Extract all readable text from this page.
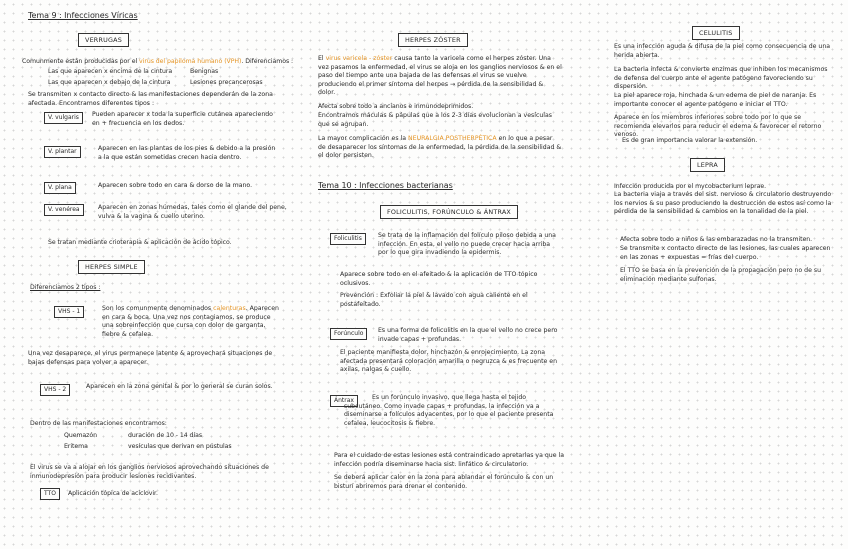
Tema 9 : Infecciones Víricas
VERRUGAS
Comunmente están producidas por el virus del papiloma humano (VPH). Diferenciamos :
Las que aparecen x encima de la cintura	Benignas
Las que aparecen x debajo de la cintura	Lesiones precancerosas
Se transmiten x contacto directo & las manifestaciones dependerán de la zona afectada. Encontramos diferentes tipos :
V. vulgaris	Pueden aparecer x toda la superficie cutánea apareciendo en + frecuencia en los dedos.
V. plantar	Aparecen en las plantas de los pies & debido a la presión a la que están sometidas crecen hacia dentro.
V. plana	Aparecen sobre todo en cara & dorso de la mano.
V. venérea	Aparecen en zonas húmedas, tales como el glande del pene, vulva & la vagina & cuello uterino.
Se tratan mediante crioterapia & aplicación de ácido tópico.
HERPES SIMPLE
Diferenciamos 2 tipos :
VHS - 1	Son los comunmente denominados calenturas. Aparecen en cara & boca. Una vez nos contagiamos, se produce una sobreinfección que cursa con dolor de garganta, fiebre & cefalea.
Una vez desaparece, el virus permanece latente & aprovechará situaciones de bajas defensas para volver a aparecer.
VHS - 2	Aparecen en la zona genital & por lo general se curan solos.
Dentro de las manifestaciones encontramos:
Quemazón	duración de 10 - 14 días
Eritema	vesículas que derivan en pústulas
El virus se va a alojar en los ganglios nerviosos aprovechando situaciones de inmunodepresión para producir lesiones recidivantes.
TTO	Aplicación tópica de aciclovir.
HERPES ZÓSTER
El virus varicela - zóster causa tanto la varicela como el herpes zóster. Una vez pasamos la enfermedad, el virus se aloja en los ganglios nerviosos & en el paso del tiempo ante una bajada de las defensas el virus se vuelve produciendo el primer síntoma del herpes → pérdida de la sensibilidad & dolor.
Afecta sobre todo a ancianos e inmunodeprimidos.
Encontramos máculas & pápulas que a los 2-3 días evolucionan a vesículas que se agrupan.
La mayor complicación es la NEURALGIA POSTHERPÉTICA en lo que a pesar de desaparecer los síntomas de la enfermedad, la pérdida de la sensibilidad & el dolor persisten.
Tema 10 : Infecciones bacterianas
FOLICULITIS, FORÚNCULO & ÁNTRAX
Foliculitis	Se trata de la inflamación del folículo piloso debida a una infección. En esta, el vello no puede crecer hacia arriba por lo que gira invadiendo la epidermis.
Aparece sobre todo en el afeitado & la aplicación de TTO tópico oclusivos.
Prevención : Exfoliar la piel & lavado con agua caliente en el postafeitado.
Forúnculo	Es una forma de foliculitis en la que el vello no crece pero invade capas + profundas.
El paciente manifiesta dolor, hinchazón & enrojecimiento. La zona afectada presentará coloración amarilla o negruzca & es frecuente en axilas, nalgas & cuello.
Ántrax	Es un forúnculo invasivo, que llega hasta el tejido subcutáneo. Como invade capas + profundas, la infección va a diseminarse a folículos adyacentes, por lo que el paciente presenta cefalea, leucocitosis & fiebre.
Para el cuidado de estas lesiones está contraindicado apretarlas ya que la infección podría diseminarse hacia sist. linfático & circulatorio.
Se deberá aplicar calor en la zona para ablandar el forúnculo & con un bisturí abriremos para drenar el contenido.
CELULITIS
Es una infección aguda & difusa de la piel como consecuencia de una herida abierta.
La bacteria infecta & convierte enzimas que inhiben los mecanismos de defensa del cuerpo ante el agente patógeno favoreciendo su dispersión.
La piel aparece roja, hinchada & un edema de piel de naranja. Es importante conocer el agente patógeno e iniciar el TTO.
Aparece en los miembros inferiores sobre todo por lo que se recomienda elevarlos para reducir el edema & favorecer el retorno venoso.
Es de gran importancia valorar la extensión.
LEPRA
Infección producida por el mycobacterium leprae.
La bacteria viaja a través del sist. nervioso & circulatorio destruyendo los nervios & su paso produciendo la destrucción de estos así como la pérdida de la sensibilidad & cambios en la tonalidad de la piel.
Afecta sobre todo a niños & las embarazadas no la transmiten.
Se transmite x contacto directo de las lesiones, las cuales aparecen en las zonas + expuestas = frías del cuerpo.
El TTO se basa en la prevención de la propagación pero no de su eliminación mediante sulfonas.
